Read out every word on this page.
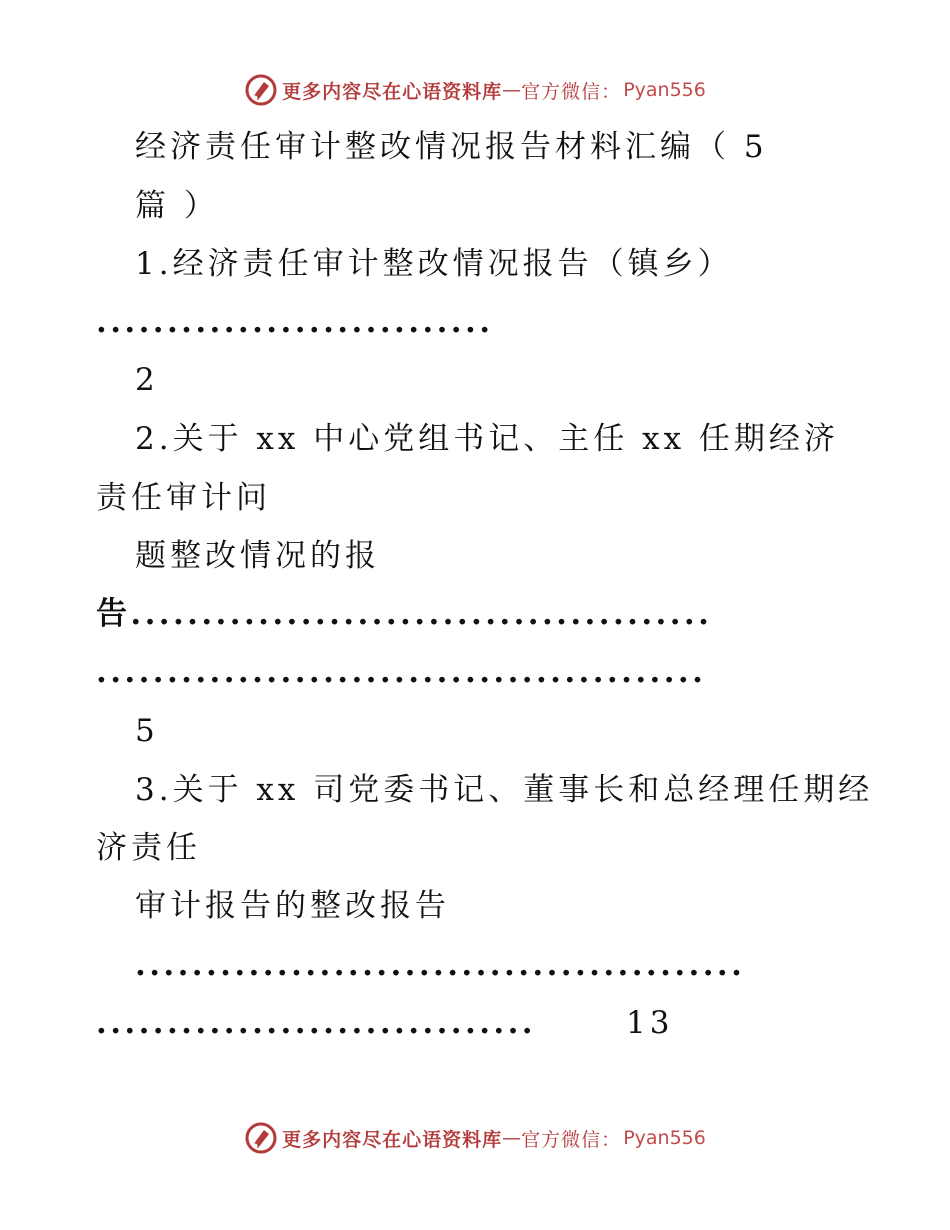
更多内容尽在心语资料库 — 官方微信： Pyan556
经济责任审计整改情况报告材料汇编（ 5
篇 ）
1.经济责任审计整改情况报告（镇乡）
............................
2
2.关于 xx 中心党组书记、主任 xx 任期经济
责任审计问
题整改情况的报
告.........................................
...........................................
5
3.关于 xx 司党委书记、董事长和总经理任期经
济责任
审计报告的整改报告
...........................................
...............................	13
更多内容尽在心语资料库 — 官方微信： Pyan556
